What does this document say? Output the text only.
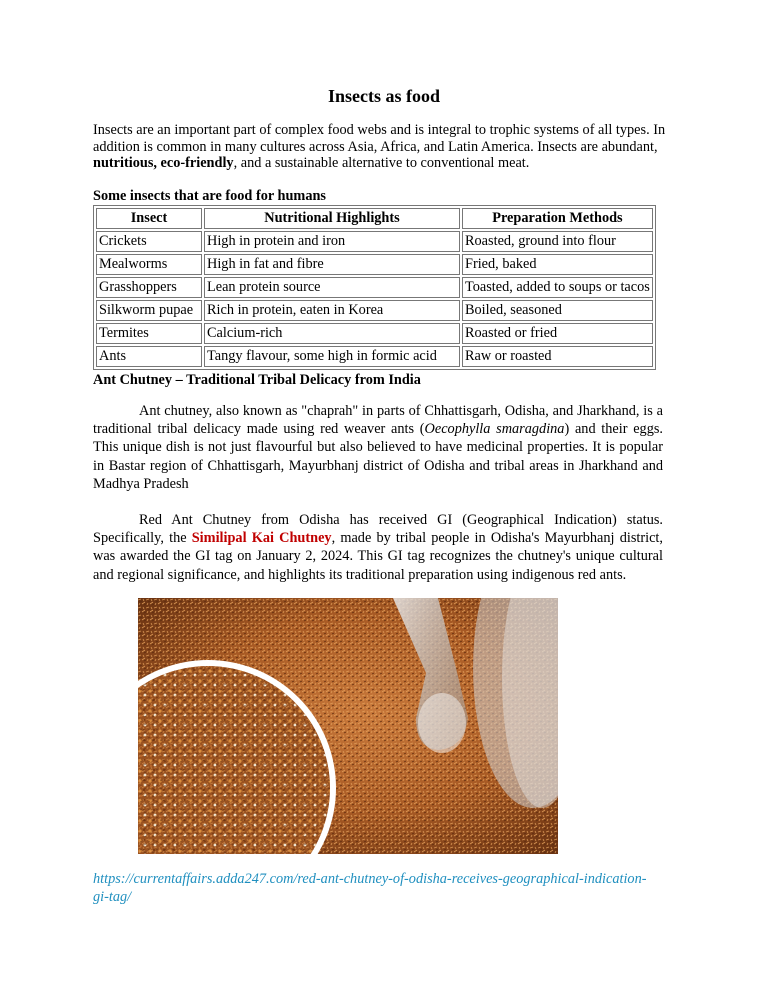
Insects as food
Insects are an important part of complex food webs and is integral to trophic systems of all types. In addition is common in many cultures across Asia, Africa, and Latin America. Insects are abundant, nutritious, eco-friendly, and a sustainable alternative to conventional meat.
Some insects that are food for humans
Insect	Nutritional Highlights	Preparation Methods
Crickets	High in protein and iron	Roasted, ground into flour
Mealworms	High in fat and fibre	Fried, baked
Grasshoppers	Lean protein source	Toasted, added to soups or tacos
Silkworm pupae	Rich in protein, eaten in Korea	Boiled, seasoned
Termites	Calcium-rich	Roasted or fried
Ants	Tangy flavour, some high in formic acid	Raw or roasted
Ant Chutney – Traditional Tribal Delicacy from India
Ant chutney, also known as "chaprah" in parts of Chhattisgarh, Odisha, and Jharkhand, is a traditional tribal delicacy made using red weaver ants (Oecophylla smaragdina) and their eggs. This unique dish is not just flavourful but also believed to have medicinal properties. It is popular in Bastar region of Chhattisgarh, Mayurbhanj district of Odisha and tribal areas in Jharkhand and Madhya Pradesh
Red Ant Chutney from Odisha has received GI (Geographical Indication) status. Specifically, the Similipal Kai Chutney, made by tribal people in Odisha's Mayurbhanj district, was awarded the GI tag on January 2, 2024. This GI tag recognizes the chutney's unique cultural and regional significance, and highlights its traditional preparation using indigenous red ants.
https://currentaffairs.adda247.com/red-ant-chutney-of-odisha-receives-geographical-indication-gi-tag/
